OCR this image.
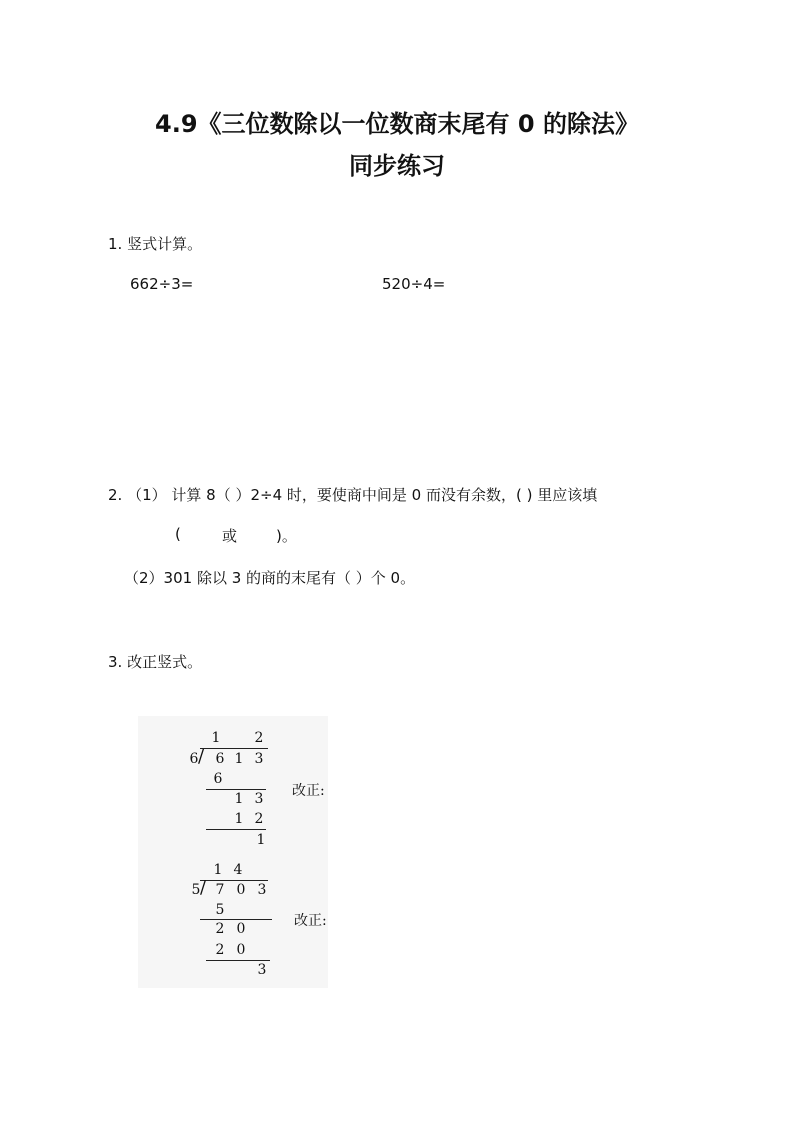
4.9《三位数除以一位数商末尾有 0 的除法》
同步练习
1. 竖式计算。
662÷3=	520÷4=
2. （1） 计算 8（ ）2÷4 时，要使商中间是 0 而没有余数，( ) 里应该填
(	或	)。
（2）301 除以 3 的商的末尾有（ ）个 0。
3. 改正竖式。
1 2
6 / 6 1 3
6
1 3
1 2
1
1 4
5 / 7 0 3
5
2 0
2 0
3
改正:
改正:
